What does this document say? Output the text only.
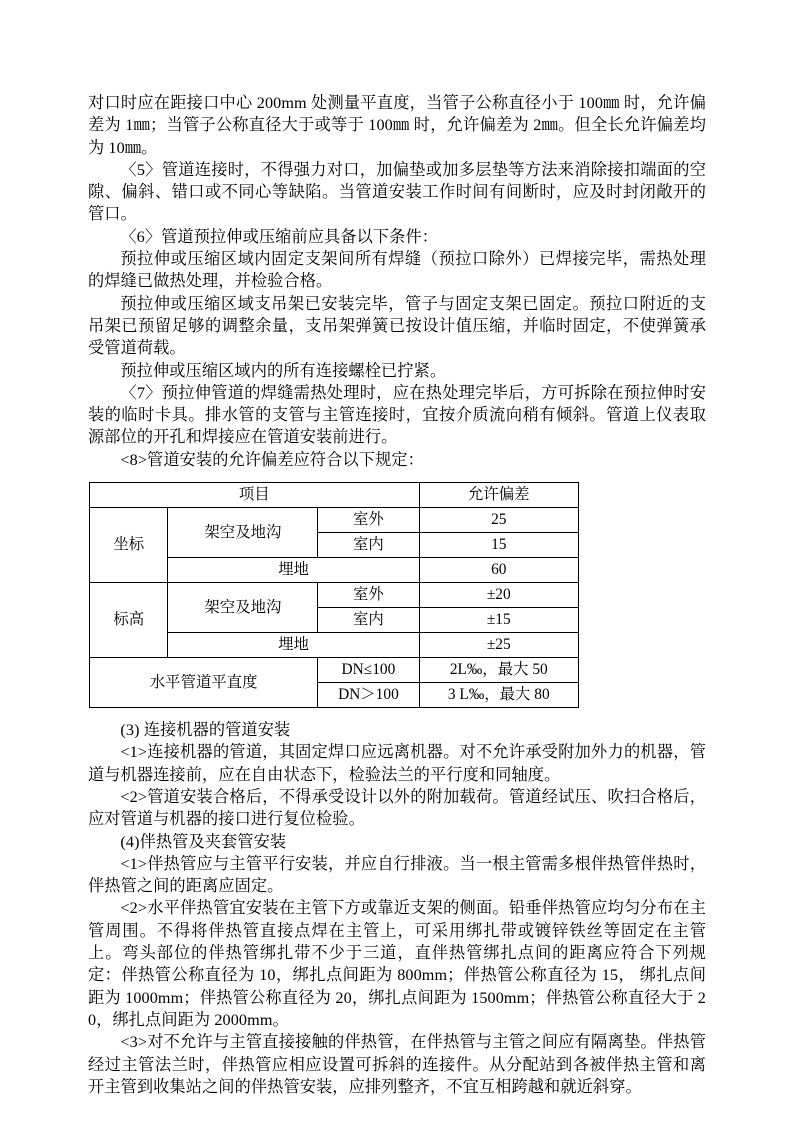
对口时应在距接口中心 200mm 处测量平直度，当管子公称直径小于 100㎜ 时，允许偏差为 1㎜；当管子公称直径大于或等于 100㎜ 时，允许偏差为 2㎜。但全长允许偏差均为 10㎜。

〈5〉管道连接时，不得强力对口，加偏垫或加多层垫等方法来消除接扣端面的空隙、偏斜、错口或不同心等缺陷。当管道安装工作时间有间断时，应及时封闭敞开的管口。

〈6〉管道预拉伸或压缩前应具备以下条件：

预拉伸或压缩区域内固定支架间所有焊缝（预拉口除外）已焊接完毕，需热处理的焊缝已做热处理，并检验合格。

预拉伸或压缩区域支吊架已安装完毕，管子与固定支架已固定。预拉口附近的支吊架已预留足够的调整余量，支吊架弹簧已按设计值压缩，并临时固定，不使弹簧承受管道荷载。

预拉伸或压缩区域内的所有连接螺栓已拧紧。

〈7〉预拉伸管道的焊缝需热处理时，应在热处理完毕后，方可拆除在预拉伸时安装的临时卡具。排水管的支管与主管连接时，宜按介质流向稍有倾斜。管道上仪表取源部位的开孔和焊接应在管道安装前进行。

<8>管道安装的允许偏差应符合以下规定：

项目			允许偏差
坐标	架空及地沟	室外	25
		室内	15
	埋地		60
标高	架空及地沟	室外	±20
		室内	±15
	埋地		±25
水平管道平直度		DN≤100	2L‰，最大 50
		DN＞100	3 L‰，最大 80

(3) 连接机器的管道安装

<1>连接机器的管道，其固定焊口应远离机器。对不允许承受附加外力的机器，管道与机器连接前，应在自由状态下，检验法兰的平行度和同轴度。

<2>管道安装合格后，不得承受设计以外的附加载荷。管道经试压、吹扫合格后，应对管道与机器的接口进行复位检验。

(4)伴热管及夹套管安装

<1>伴热管应与主管平行安装，并应自行排液。当一根主管需多根伴热管伴热时，伴热管之间的距离应固定。

<2>水平伴热管宜安装在主管下方或靠近支架的侧面。铅垂伴热管应均匀分布在主管周围。不得将伴热管直接点焊在主管上，可采用绑扎带或镀锌铁丝等固定在主管上。弯头部位的伴热管绑扎带不少于三道，直伴热管绑扎点间的距离应符合下列规定：伴热管公称直径为 10，绑扎点间距为 800mm；伴热管公称直径为 15， 绑扎点间距为 1000mm；伴热管公称直径为 20，绑扎点间距为 1500mm；伴热管公称直径大于 20，绑扎点间距为 2000mm。

<3>对不允许与主管直接接触的伴热管，在伴热管与主管之间应有隔离垫。伴热管经过主管法兰时，伴热管应相应设置可拆斜的连接件。从分配站到各被伴热主管和离开主管到收集站之间的伴热管安装，应排列整齐，不宜互相跨越和就近斜穿。
